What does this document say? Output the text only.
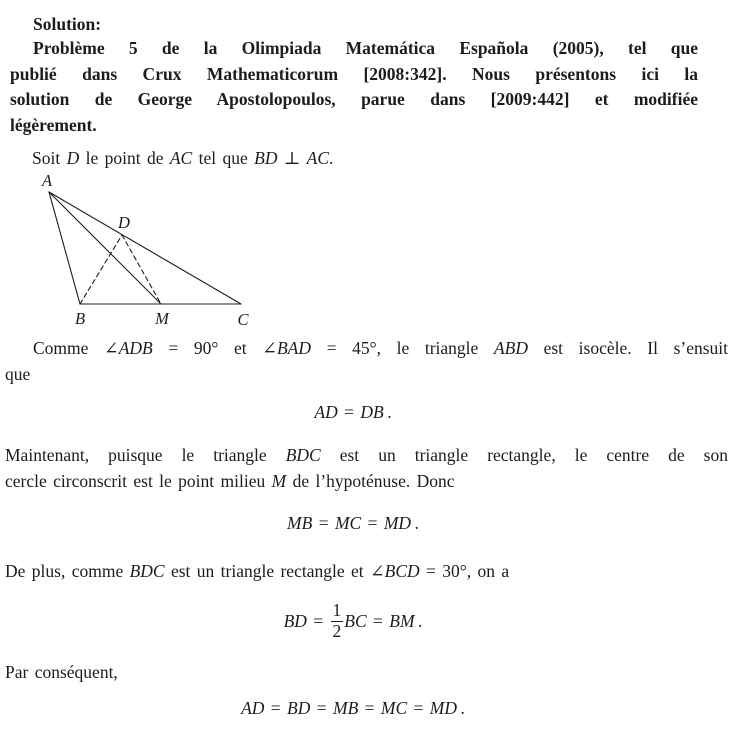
Solution:
Problème 5 de la Olimpiada Matemática Española (2005), tel que
publié dans Crux Mathematicorum [2008:342]. Nous présentons ici la
solution de George Apostolopoulos, parue dans [2009:442] et modifiée
légèrement.
Soit D le point de AC tel que BD ⊥ AC.
A
D
B	M	C
Comme ∠ADB = 90° et ∠BAD = 45°, le triangle ABD est isocèle. Il s’ensuit
que
AD = DB .
Maintenant, puisque le triangle BDC est un triangle rectangle, le centre de son
cercle circonscrit est le point milieu M de l’hypoténuse. Donc
MB = MC = MD .
De plus, comme BDC est un triangle rectangle et ∠BCD = 30°, on a
BD = $\frac{1}{2}$ BC = BM  .
Par conséquent,
AD = BD = MB = MC = MD .
